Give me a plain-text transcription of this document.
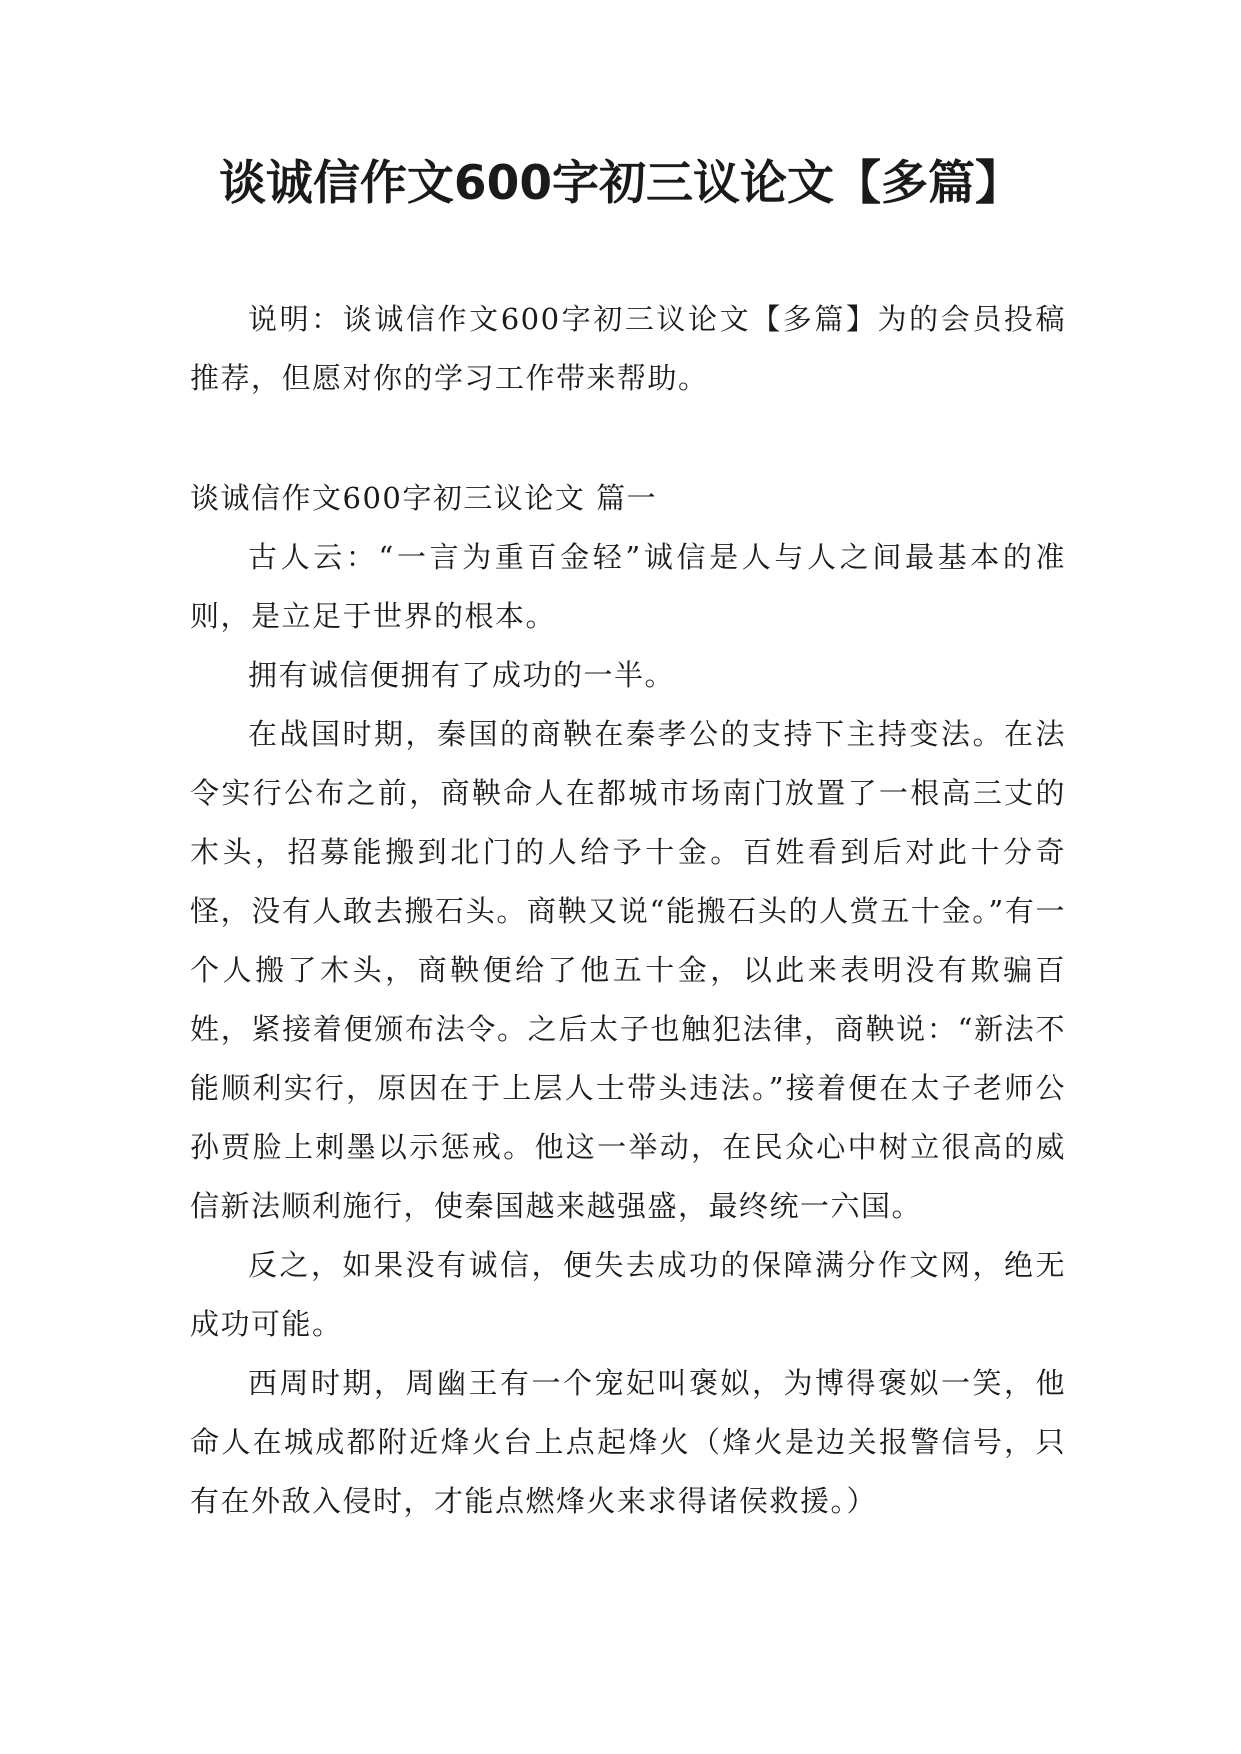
谈诚信作文600字初三议论文【多篇】

说明：谈诚信作文600字初三议论文【多篇】为的会员投稿推荐，但愿对你的学习工作带来帮助。

谈诚信作文600字初三议论文 篇一

古人云：“一言为重百金轻”诚信是人与人之间最基本的准则，是立足于世界的根本。

拥有诚信便拥有了成功的一半。

在战国时期，秦国的商鞅在秦孝公的支持下主持变法。在法令实行公布之前，商鞅命人在都城市场南门放置了一根高三丈的木头，招募能搬到北门的人给予十金。百姓看到后对此十分奇怪，没有人敢去搬石头。商鞅又说“能搬石头的人赏五十金。”有一个人搬了木头，商鞅便给了他五十金，以此来表明没有欺骗百姓，紧接着便颁布法令。之后太子也触犯法律，商鞅说：“新法不能顺利实行，原因在于上层人士带头违法。”接着便在太子老师公孙贾脸上刺墨以示惩戒。他这一举动，在民众心中树立很高的威信新法顺利施行，使秦国越来越强盛，最终统一六国。

反之，如果没有诚信，便失去成功的保障满分作文网，绝无成功可能。

西周时期，周幽王有一个宠妃叫褒姒，为博得褒姒一笑，他命人在城成都附近烽火台上点起烽火（烽火是边关报警信号，只有在外敌入侵时，才能点燃烽火来求得诸侯救援。）
